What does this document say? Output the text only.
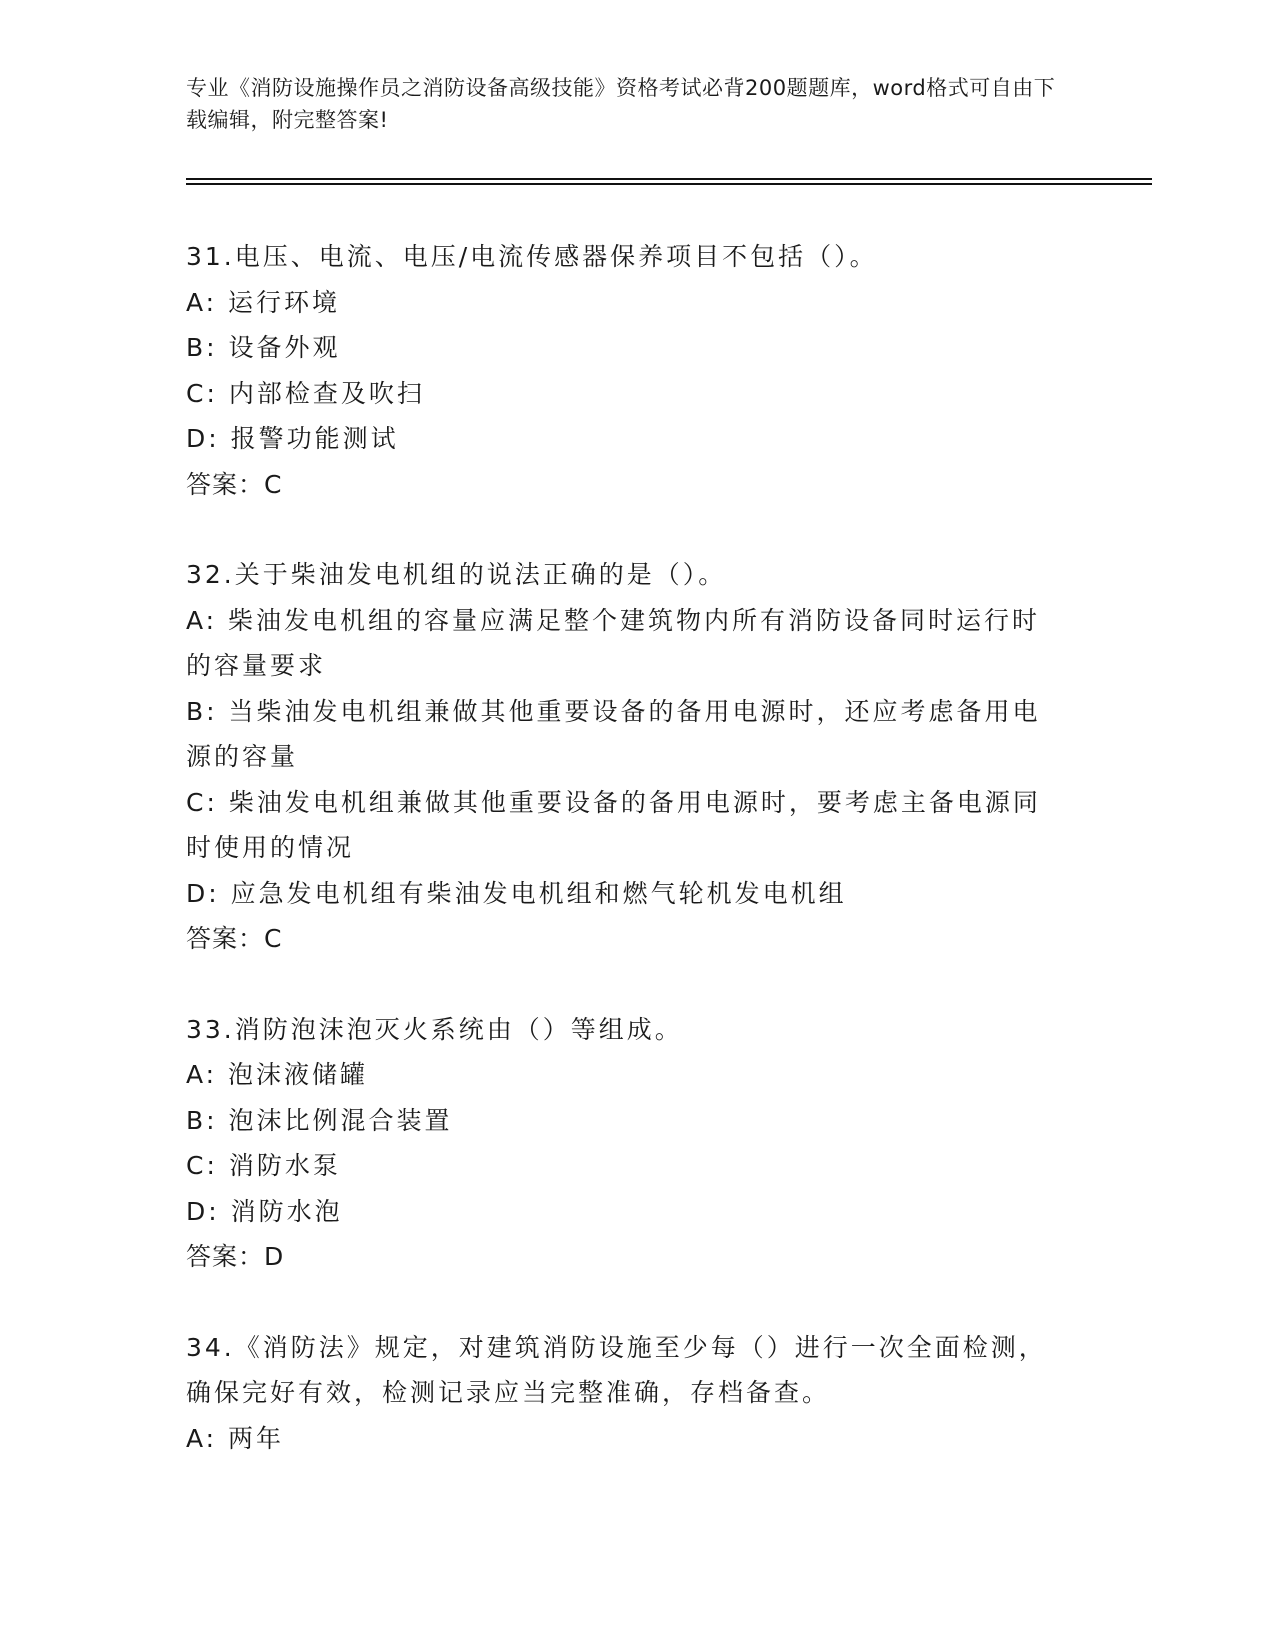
专业《消防设施操作员之消防设备高级技能》资格考试必背200题题库，word格式可自由下载编辑，附完整答案!
31.电压、电流、电压/电流传感器保养项目不包括（）。
A: 运行环境
B: 设备外观
C: 内部检查及吹扫
D: 报警功能测试
答案：C
32.关于柴油发电机组的说法正确的是（）。
A: 柴油发电机组的容量应满足整个建筑物内所有消防设备同时运行时的容量要求
B: 当柴油发电机组兼做其他重要设备的备用电源时，还应考虑备用电源的容量
C: 柴油发电机组兼做其他重要设备的备用电源时，要考虑主备电源同时使用的情况
D: 应急发电机组有柴油发电机组和燃气轮机发电机组
答案：C
33.消防泡沫泡灭火系统由（）等组成。
A: 泡沫液储罐
B: 泡沫比例混合装置
C: 消防水泵
D: 消防水泡
答案：D
34.《消防法》规定，对建筑消防设施至少每（）进行一次全面检测，确保完好有效，检测记录应当完整准确，存档备查。
A: 两年
